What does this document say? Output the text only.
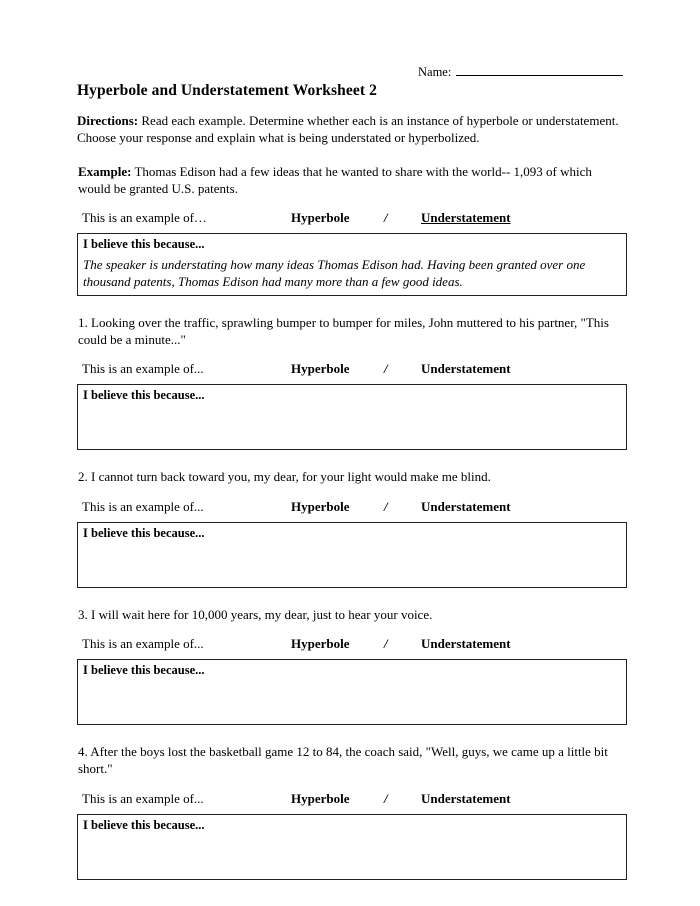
Name:
Hyperbole and Understatement Worksheet 2

Directions: Read each example. Determine whether each is an instance of hyperbole or understatement. Choose your response and explain what is being understated or hyperbolized.

Example: Thomas Edison had a few ideas that he wanted to share with the world-- 1,093 of which would be granted U.S. patents.

This is an example of…	Hyperbole	/	Understatement
I believe this because...
The speaker is understating how many ideas Thomas Edison had. Having been granted over one thousand patents, Thomas Edison had many more than a few good ideas.
1. Looking over the traffic, sprawling bumper to bumper for miles, John muttered to his partner, "This could be a minute..."
This is an example of...	Hyperbole	/	Understatement
I believe this because...
2. I cannot turn back toward you, my dear, for your light would make me blind.
This is an example of...	Hyperbole	/	Understatement
I believe this because...
3. I will wait here for 10,000 years, my dear, just to hear your voice.
This is an example of...	Hyperbole	/	Understatement
I believe this because...
4. After the boys lost the basketball game 12 to 84, the coach said, "Well, guys, we came up a little bit short."
This is an example of...	Hyperbole	/	Understatement
I believe this because...
